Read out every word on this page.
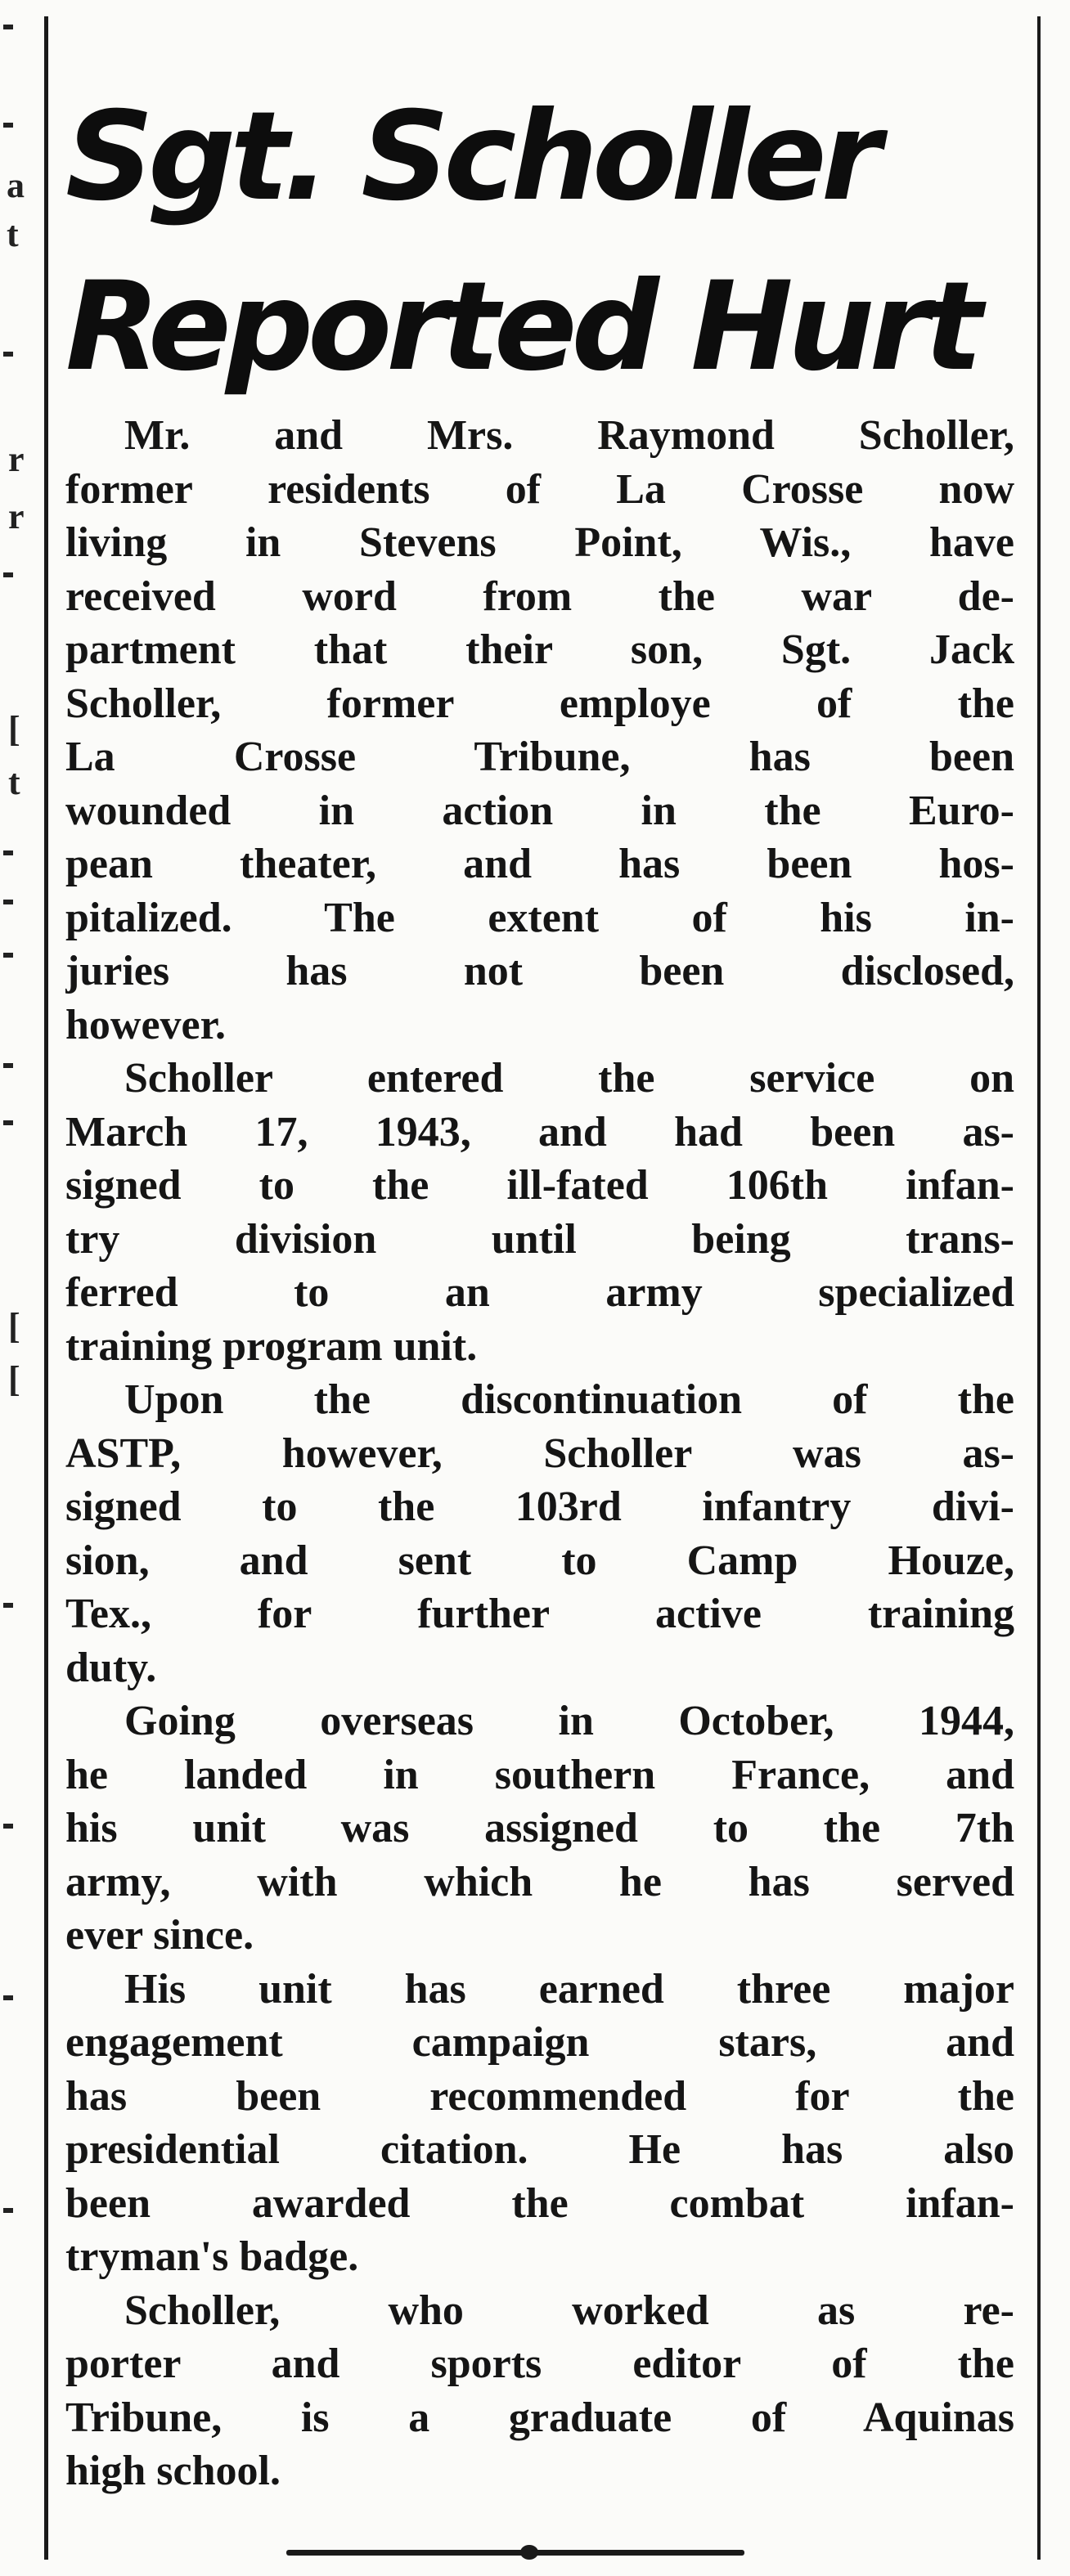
a
t
r
r
[
t
[
[
Sgt. Scholler
Reported Hurt

Mr. and Mrs. Raymond Scholler,
former residents of La Crosse now
living in Stevens Point, Wis., have
received word from the war de-
partment that their son, Sgt. Jack
Scholler, former employe of the
La Crosse Tribune, has been
wounded in action in the Euro-
pean theater, and has been hos-
pitalized. The extent of his in-
juries has not been disclosed,
however.

Scholler entered the service on
March 17, 1943, and had been as-
signed to the ill-fated 106th infan-
try division until being trans-
ferred to an army specialized
training program unit.

Upon the discontinuation of the
ASTP, however, Scholler was as-
signed to the 103rd infantry divi-
sion, and sent to Camp Houze,
Tex., for further active training
duty.

Going overseas in October, 1944,
he landed in southern France, and
his unit was assigned to the 7th
army, with which he has served
ever since.

His unit has earned three major
engagement campaign stars, and
has been recommended for the
presidential citation. He has also
been awarded the combat infan-
tryman's badge.

Scholler, who worked as re-
porter and sports editor of the
Tribune, is a graduate of Aquinas
high school.
